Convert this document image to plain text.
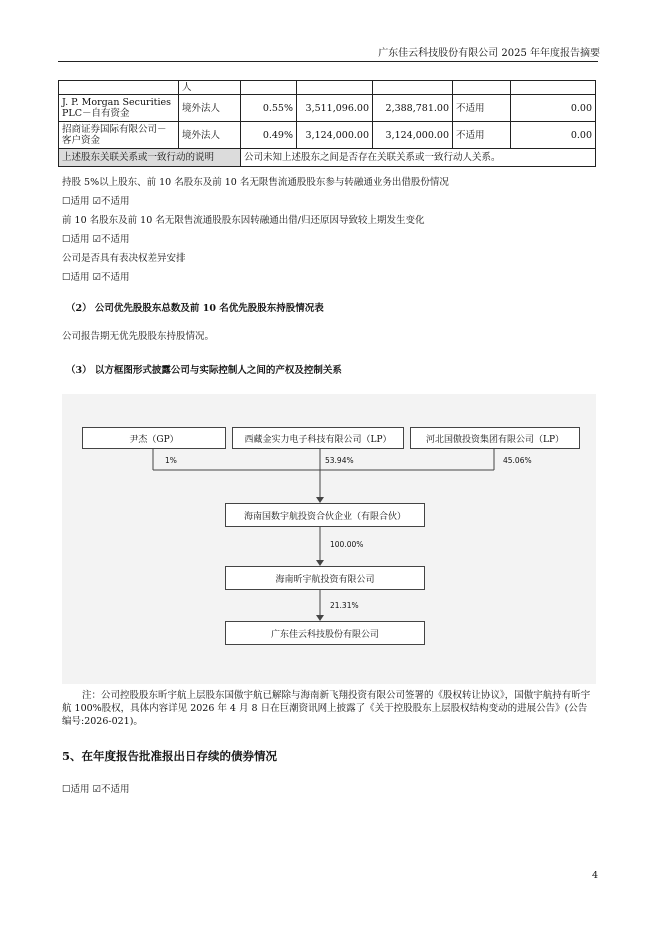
广东佳云科技股份有限公司 2025 年年度报告摘要
	人					
J. P. Morgan Securities PLC－自有资金	境外法人	0.55%	3,511,096.00	2,388,781.00	不适用	0.00
招商证券国际有限公司－客户资金	境外法人	0.49%	3,124,000.00	3,124,000.00	不适用	0.00
上述股东关联关系或一致行动的说明		公司未知上述股东之间是否存在关联关系或一致行动人关系。				
持股 5%以上股东、前 10 名股东及前 10 名无限售流通股股东参与转融通业务出借股份情况
☐适用 ☑不适用
前 10 名股东及前 10 名无限售流通股股东因转融通出借/归还原因导致较上期发生变化
☐适用 ☑不适用
公司是否具有表决权差异安排
☐适用 ☑不适用
（2） 公司优先股股东总数及前 10 名优先股股东持股情况表
公司报告期无优先股股东持股情况。
（3） 以方框图形式披露公司与实际控制人之间的产权及控制关系
尹杰（GP）	西藏金实力电子科技有限公司（LP）	河北国傲投资集团有限公司（LP）
1%	53.94%	45.06%
海南国数宇航投资合伙企业（有限合伙）
100.00%
海南昕宇航投资有限公司
21.31%
广东佳云科技股份有限公司
注：公司控股股东昕宇航上层股东国傲宇航已解除与海南新飞翔投资有限公司签署的《股权转让协议》，国傲宇航持有昕宇航 100%股权，具体内容详见 2026 年 4 月 8 日在巨潮资讯网上披露了《关于控股股东上层股权结构变动的进展公告》(公告编号:2026-021)。
5、在年度报告批准报出日存续的债券情况
☐适用 ☑不适用
4
